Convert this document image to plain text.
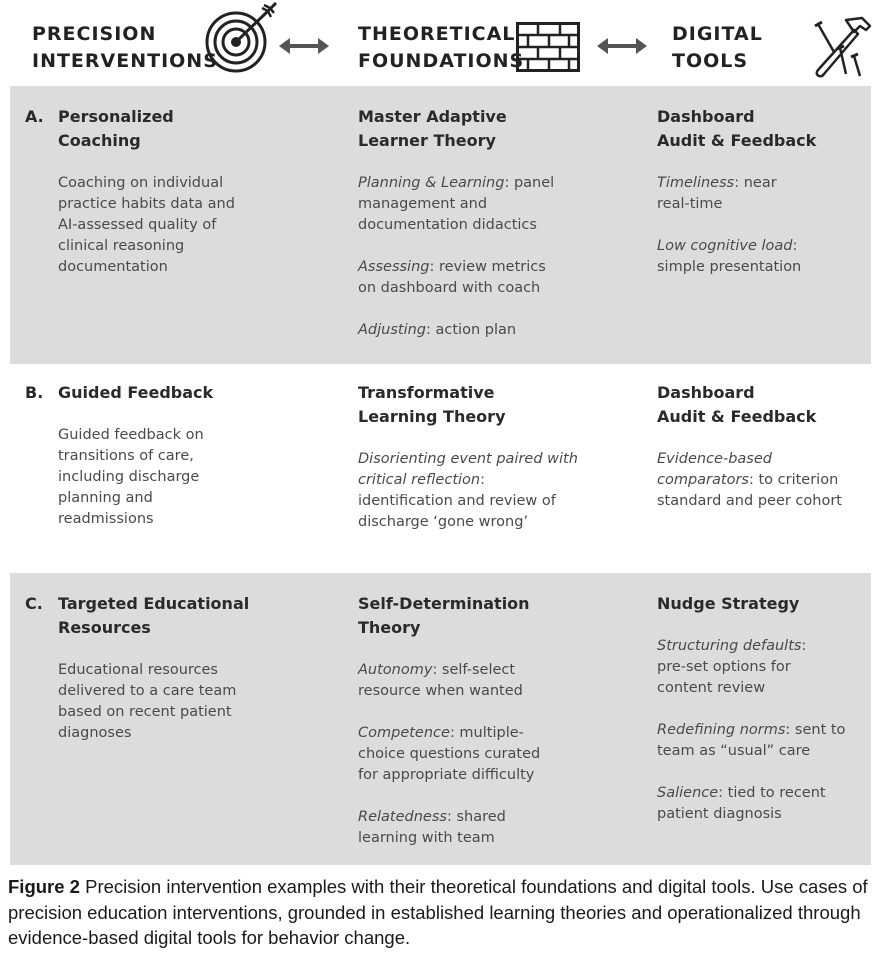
PRECISION
INTERVENTIONS
THEORETICAL
FOUNDATIONS
DIGITAL
TOOLS
A. Personalized
Coaching
Coaching on individual practice habits data and AI-assessed quality of clinical reasoning documentation
Master Adaptive
Learner Theory
Planning & Learning: panel management and documentation didactics
Assessing: review metrics on dashboard with coach
Adjusting: action plan
Dashboard
Audit & Feedback
Timeliness: near real-time
Low cognitive load: simple presentation
B. Guided Feedback
Guided feedback on transitions of care, including discharge planning and readmissions
Transformative
Learning Theory
Disorienting event paired with critical reflection: identification and review of discharge ‘gone wrong’
Dashboard
Audit & Feedback
Evidence-based comparators: to criterion standard and peer cohort
C. Targeted Educational
Resources
Educational resources delivered to a care team based on recent patient diagnoses
Self-Determination
Theory
Autonomy: self-select resource when wanted
Competence: multiple-choice questions curated for appropriate difficulty
Relatedness: shared learning with team
Nudge Strategy
Structuring defaults: pre-set options for content review
Redefining norms: sent to team as “usual” care
Salience: tied to recent patient diagnosis
Figure 2 Precision intervention examples with their theoretical foundations and digital tools. Use cases of precision education interventions, grounded in established learning theories and operationalized through evidence-based digital tools for behavior change.
